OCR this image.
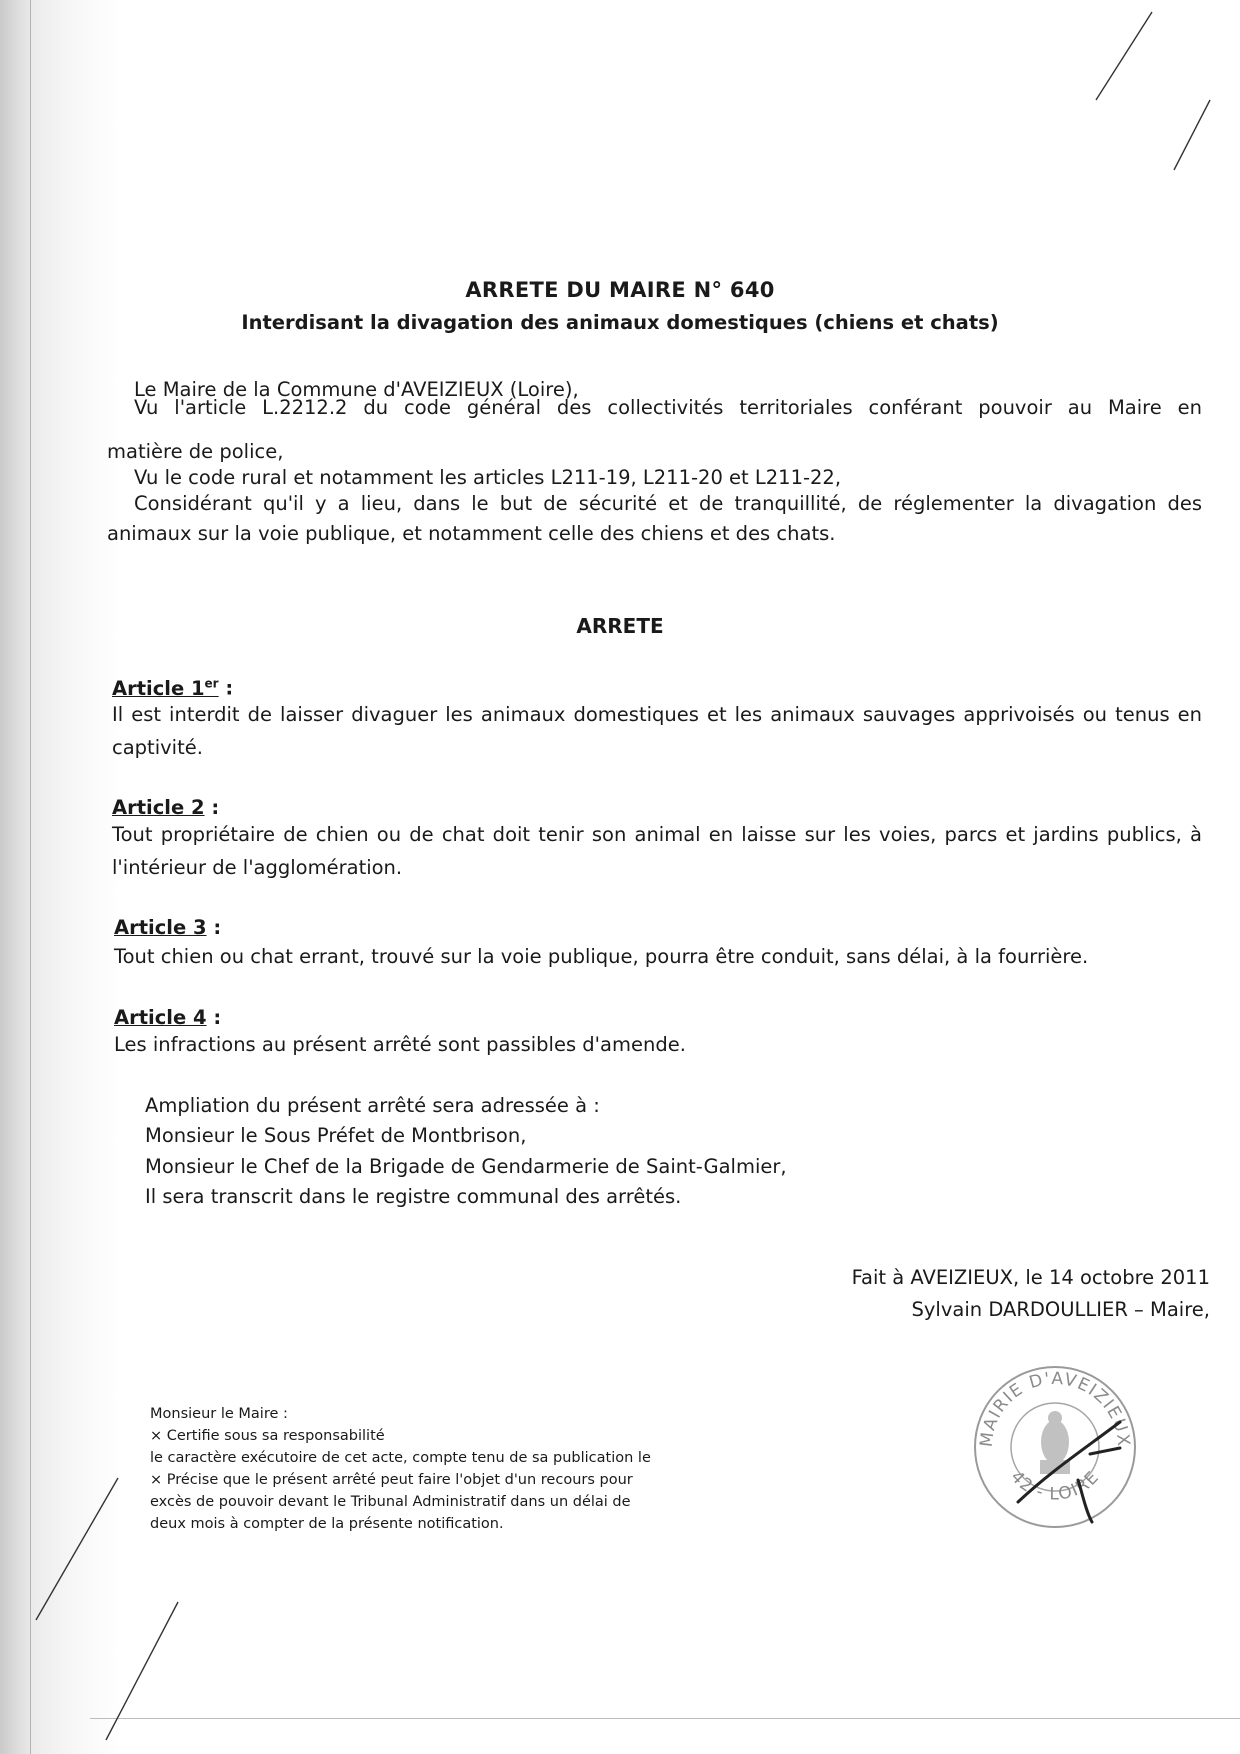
ARRETE DU MAIRE N° 640
Interdisant la divagation des animaux domestiques (chiens et chats)
Le Maire de la Commune d'AVEIZIEUX (Loire),
Vu l'article L.2212.2 du code général des collectivités territoriales conférant pouvoir au Maire en
matière de police,
Vu le code rural et notamment les articles L211-19, L211-20 et L211-22,
Considérant qu'il y a lieu, dans le but de sécurité et de tranquillité, de réglementer la divagation des
animaux sur la voie publique, et notamment celle des chiens et des chats.
ARRETE
Article 1er :
Il est interdit de laisser divaguer les animaux domestiques et les animaux sauvages apprivoisés ou tenus en captivité.
Article 2 :
Tout propriétaire de chien ou de chat doit tenir son animal en laisse sur les voies, parcs et jardins publics, à l'intérieur de l'agglomération.
Article 3 :
Tout chien ou chat errant, trouvé sur la voie publique, pourra être conduit, sans délai, à la fourrière.
Article 4 :
Les infractions au présent arrêté sont passibles d'amende.
Ampliation du présent arrêté sera adressée à :
Monsieur le Sous Préfet de Montbrison,
Monsieur le Chef de la Brigade de Gendarmerie de Saint-Galmier,
Il sera transcrit dans le registre communal des arrêtés.
Fait à AVEIZIEUX, le 14 octobre 2011
Sylvain DARDOULLIER – Maire,
Monsieur le Maire :
× Certifie sous sa responsabilité
le caractère exécutoire de cet acte, compte tenu de sa publication le
× Précise que le présent arrêté peut faire l'objet d'un recours pour
excès de pouvoir devant le Tribunal Administratif dans un délai de
deux mois à compter de la présente notification.
MAIRIE D'AVEIZIEUX
42 - LOIRE
